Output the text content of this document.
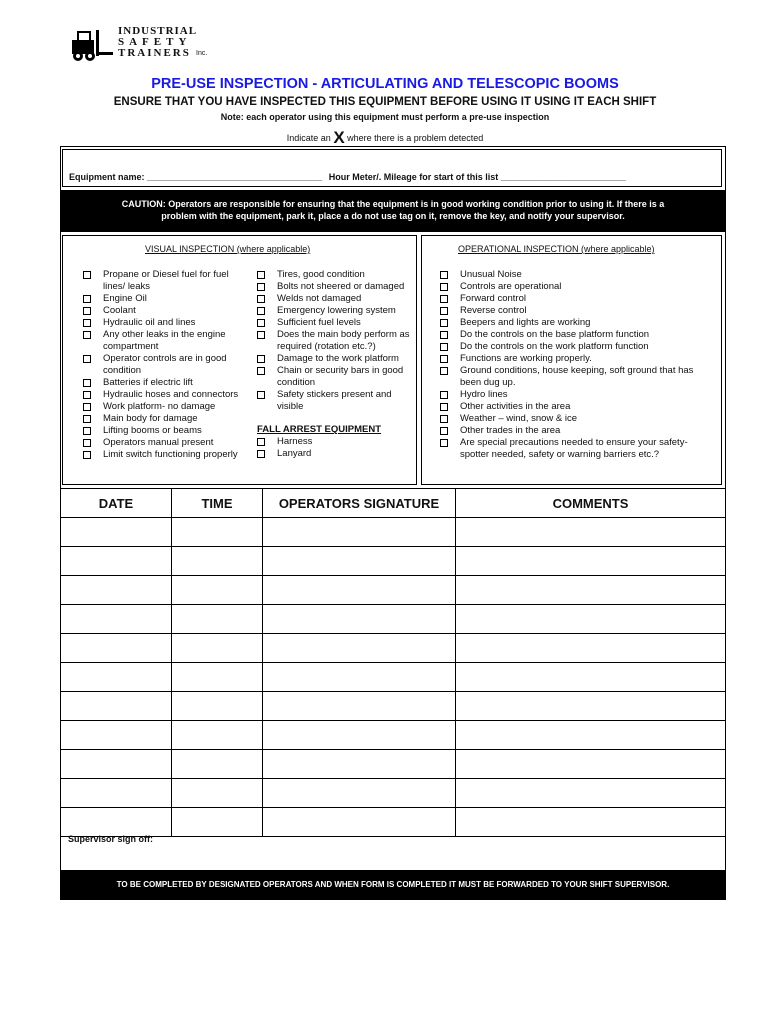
INDUSTRIAL
SAFETY
TRAINERS Inc.
PRE-USE INSPECTION - ARTICULATING AND TELESCOPIC BOOMS
ENSURE THAT YOU HAVE INSPECTED THIS EQUIPMENT BEFORE USING IT USING IT EACH SHIFT
Note: each operator using this equipment must perform a pre-use inspection
Indicate an X where there is a problem detected
Equipment name: ___________________________________ Hour Meter/. Mileage for start of this list _________________________
CAUTION: Operators are responsible for ensuring that the equipment is in good working condition prior to using it. If there is a
problem with the equipment, park it, place a do not use tag on it, remove the key, and notify your supervisor.
VISUAL INSPECTION (where applicable)
Propane or Diesel fuel for fuel lines/ leaks
Engine Oil
Coolant
Hydraulic oil and lines
Any other leaks in the engine compartment
Operator controls are in good condition
Batteries if electric lift
Hydraulic hoses and connectors
Work platform- no damage
Main body for damage
Lifting booms or beams
Operators manual present
Limit switch functioning properly
Tires, good condition
Bolts not sheered or damaged
Welds not damaged
Emergency lowering system
Sufficient fuel levels
Does the main body perform as required (rotation etc.?)
Damage to the work platform
Chain or security bars in good condition
Safety stickers present and visible
FALL ARREST EQUIPMENT
Harness
Lanyard
OPERATIONAL INSPECTION (where applicable)
Unusual Noise
Controls are operational
Forward control
Reverse control
Beepers and lights are working
Do the controls on the base platform function
Do the controls on the work platform function
Functions are working properly.
Ground conditions, house keeping, soft ground that has been dug up.
Hydro lines
Other activities in the area
Weather – wind, snow & ice
Other trades in the area
Are special precautions needed to ensure your safety-spotter needed, safety or warning barriers etc.?
DATE	TIME	OPERATORS SIGNATURE	COMMENTS

Supervisor sign off:
TO BE COMPLETED BY DESIGNATED OPERATORS AND WHEN FORM IS COMPLETED IT MUST BE FORWARDED TO YOUR SHIFT SUPERVISOR.
